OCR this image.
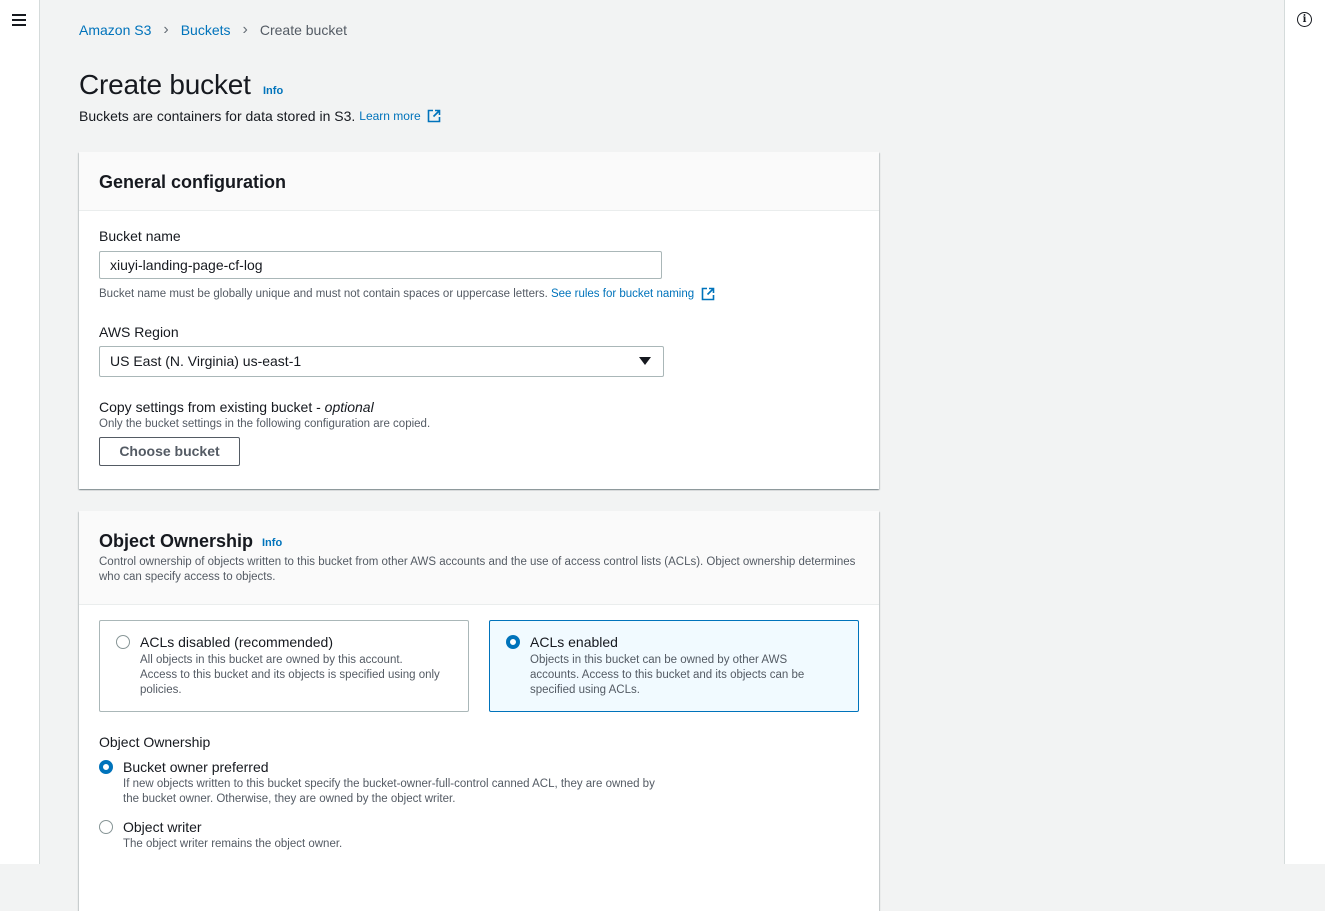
i
Amazon S3 › Buckets › Create bucket
Create bucket Info
Buckets are containers for data stored in S3. Learn more
General configuration
Bucket name
xiuyi-landing-page-cf-log
Bucket name must be globally unique and must not contain spaces or uppercase letters. See rules for bucket naming
AWS Region
US East (N. Virginia) us-east-1
Copy settings from existing bucket - optional
Only the bucket settings in the following configuration are copied.
Choose bucket
Object Ownership Info
Control ownership of objects written to this bucket from other AWS accounts and the use of access control lists (ACLs). Object ownership determines who can specify access to objects.
ACLs disabled (recommended)
All objects in this bucket are owned by this account. Access to this bucket and its objects is specified using only policies.
ACLs enabled
Objects in this bucket can be owned by other AWS accounts. Access to this bucket and its objects can be specified using ACLs.
Object Ownership
Bucket owner preferred
If new objects written to this bucket specify the bucket-owner-full-control canned ACL, they are owned by the bucket owner. Otherwise, they are owned by the object writer.
Object writer
The object writer remains the object owner.
